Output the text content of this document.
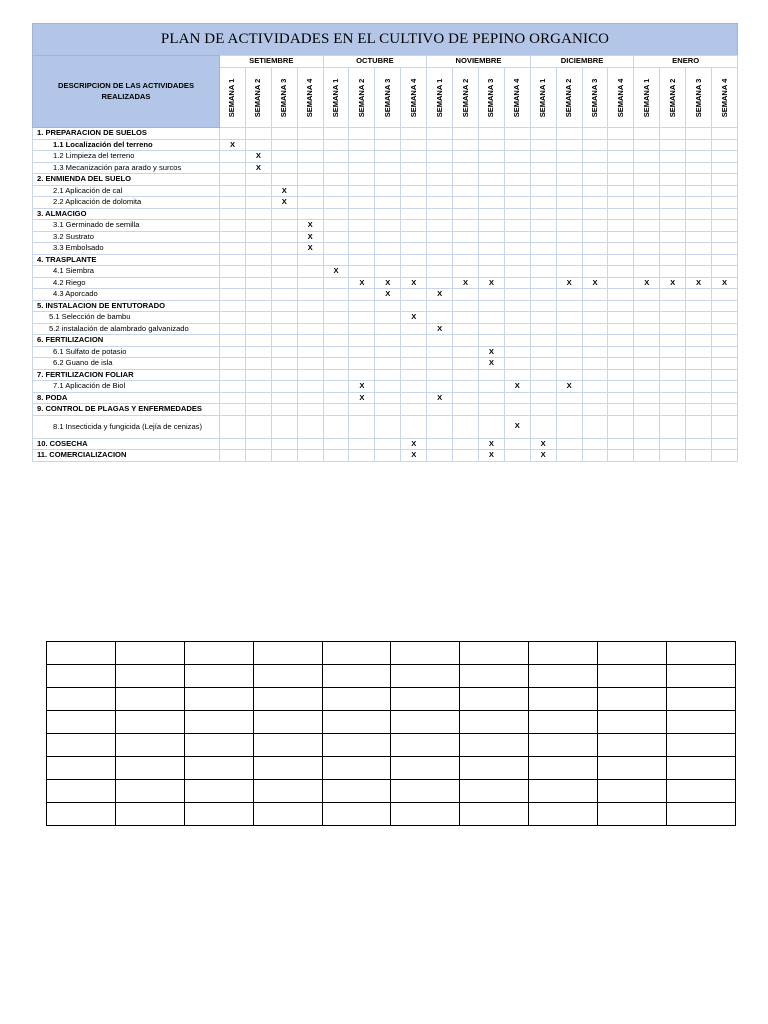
PLAN DE ACTIVIDADES EN EL CULTIVO DE PEPINO ORGANICO
DESCRIPCION DE LAS ACTIVIDADES REALIZADAS	SETIEMBRE				OCTUBRE				NOVIEMBRE				DICIEMBRE				ENERO			

	SEMANA 1	SEMANA 2	SEMANA 3	SEMANA 4	SEMANA 1	SEMANA 2	SEMANA 3	SEMANA 4	SEMANA 1	SEMANA 2	SEMANA 3	SEMANA 4	SEMANA 1	SEMANA 2	SEMANA 3	SEMANA 4	SEMANA 1	SEMANA 2	SEMANA 3	SEMANA 4

1. PREPARACION DE SUELOS																				
1.1 Localización del terreno	X																			
1.2 Limpieza del terreno		X																		
1.3 Mecanización para arado y surcos		X																		
2. ENMIENDA DEL SUELO																				
2.1 Aplicación de cal			X																	
2.2 Aplicación de dolomita			X																	
3. ALMACIGO																				
3.1 Germinado de semilla				X																
3.2 Sustrato				X																
3.3 Embolsado				X																
4. TRASPLANTE																				
4.1 Siembra					X															
4.2 Riego						X	X	X		X	X			X	X		X	X	X	X
4.3 Aporcado							X		X											
5. INSTALACION DE ENTUTORADO																				
5.1 Selección de bambu								X												
5.2 instalación de alambrado galvanizado									X											
6. FERTILIZACION																				
6.1 Sulfato de potasio											X									
6.2 Guano de isla											X									
7. FERTILIZACION FOLIAR																				
7.1 Aplicación de Biol						X						X		X						
8. PODA						X			X											
9. CONTROL DE PLAGAS Y ENFERMEDADES																				
8.1 Insecticida y fungicida (Lejía de cenizas)												X								
10. COSECHA								X			X		X							
11. COMERCIALIZACION								X			X		X							
